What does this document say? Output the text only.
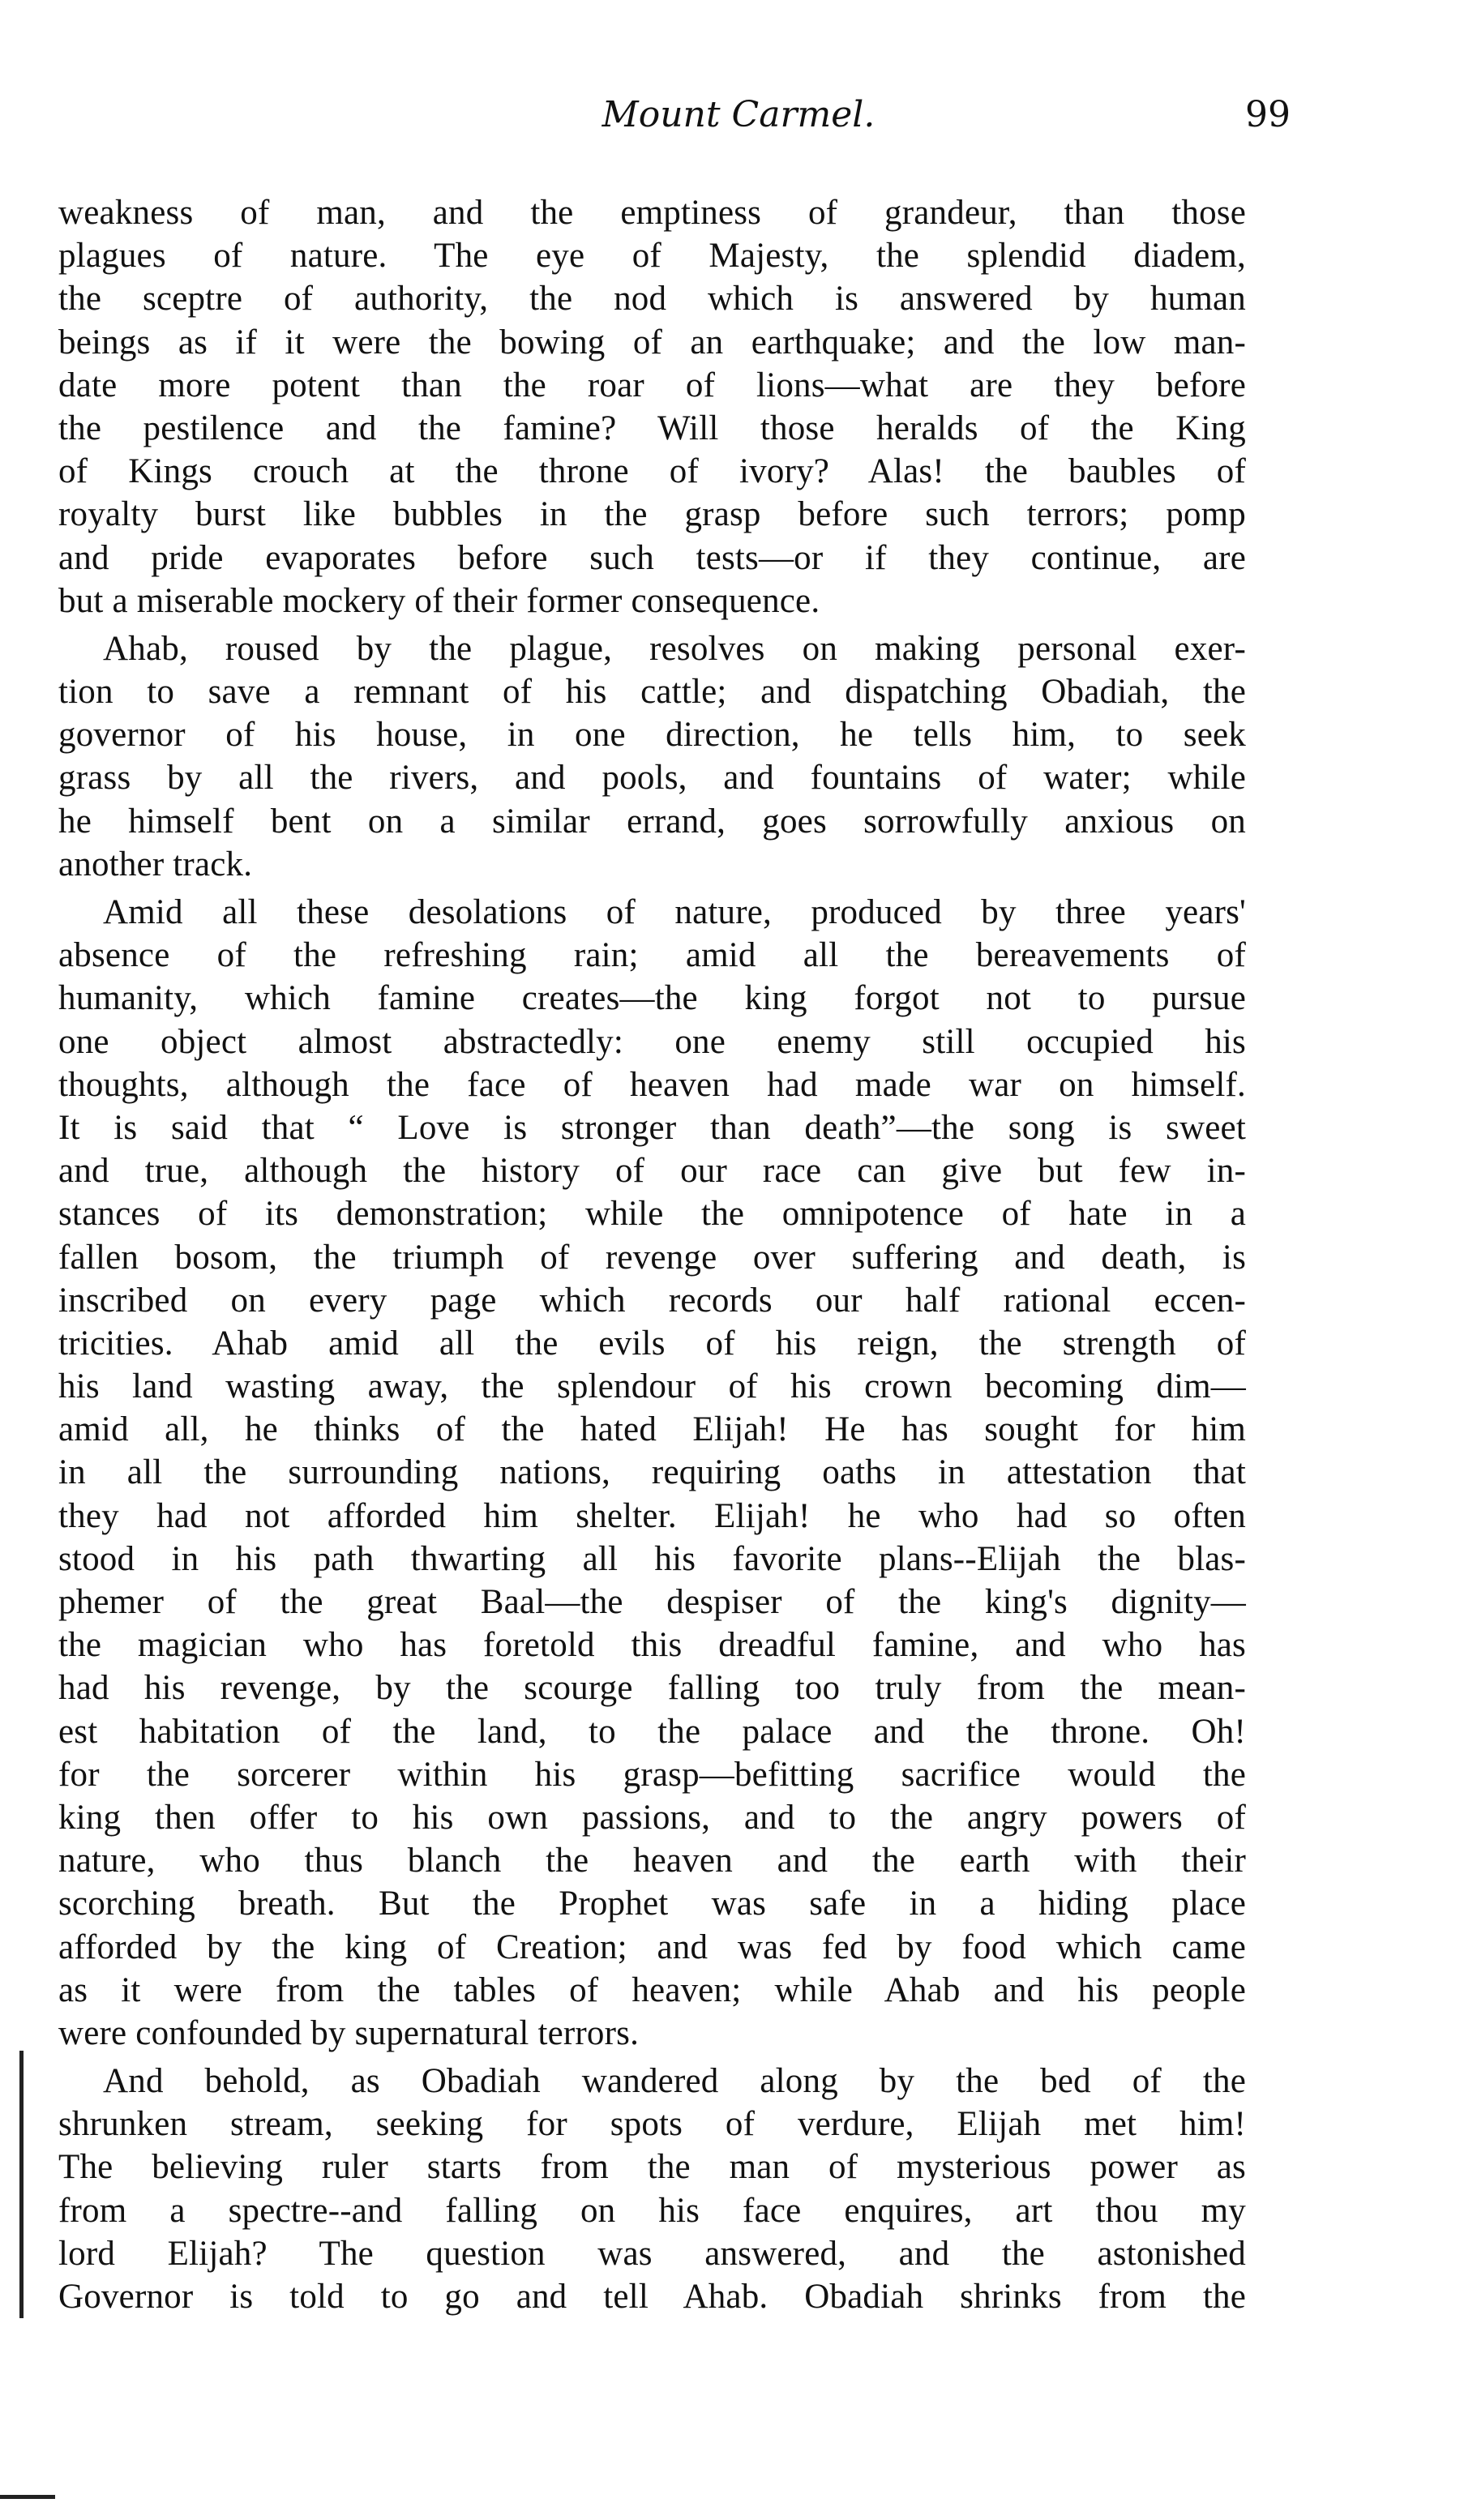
Mount Carmel.	99
weakness of man, and the emptiness of grandeur, than those
plagues of nature. The eye of Majesty, the splendid diadem,
the sceptre of authority, the nod which is answered by human
beings as if it were the bowing of an earthquake; and the low man-
date more potent than the roar of lions—what are they before
the pestilence and the famine? Will those heralds of the King
of Kings crouch at the throne of ivory? Alas! the baubles of
royalty burst like bubbles in the grasp before such terrors; pomp
and pride evaporates before such tests—or if they continue, are
but a miserable mockery of their former consequence.
Ahab, roused by the plague, resolves on making personal exer-
tion to save a remnant of his cattle; and dispatching Obadiah, the
governor of his house, in one direction, he tells him, to seek
grass by all the rivers, and pools, and fountains of water; while
he himself bent on a similar errand, goes sorrowfully anxious on
another track.
Amid all these desolations of nature, produced by three years'
absence of the refreshing rain; amid all the bereavements of
humanity, which famine creates—the king forgot not to pursue
one object almost abstractedly: one enemy still occupied his
thoughts, although the face of heaven had made war on himself.
It is said that “ Love is stronger than death”—the song is sweet
and true, although the history of our race can give but few in-
stances of its demonstration; while the omnipotence of hate in a
fallen bosom, the triumph of revenge over suffering and death, is
inscribed on every page which records our half rational eccen-
tricities. Ahab amid all the evils of his reign, the strength of
his land wasting away, the splendour of his crown becoming dim—
amid all, he thinks of the hated Elijah! He has sought for him
in all the surrounding nations, requiring oaths in attestation that
they had not afforded him shelter. Elijah! he who had so often
stood in his path thwarting all his favorite plans--Elijah the blas-
phemer of the great Baal—the despiser of the king's dignity—
the magician who has foretold this dreadful famine, and who has
had his revenge, by the scourge falling too truly from the mean-
est habitation of the land, to the palace and the throne. Oh!
for the sorcerer within his grasp—befitting sacrifice would the
king then offer to his own passions, and to the angry powers of
nature, who thus blanch the heaven and the earth with their
scorching breath. But the Prophet was safe in a hiding place
afforded by the king of Creation; and was fed by food which came
as it were from the tables of heaven; while Ahab and his people
were confounded by supernatural terrors.
And behold, as Obadiah wandered along by the bed of the
shrunken stream, seeking for spots of verdure, Elijah met him!
The believing ruler starts from the man of mysterious power as
from a spectre--and falling on his face enquires, art thou my
lord Elijah? The question was answered, and the astonished
Governor is told to go and tell Ahab. Obadiah shrinks from the
